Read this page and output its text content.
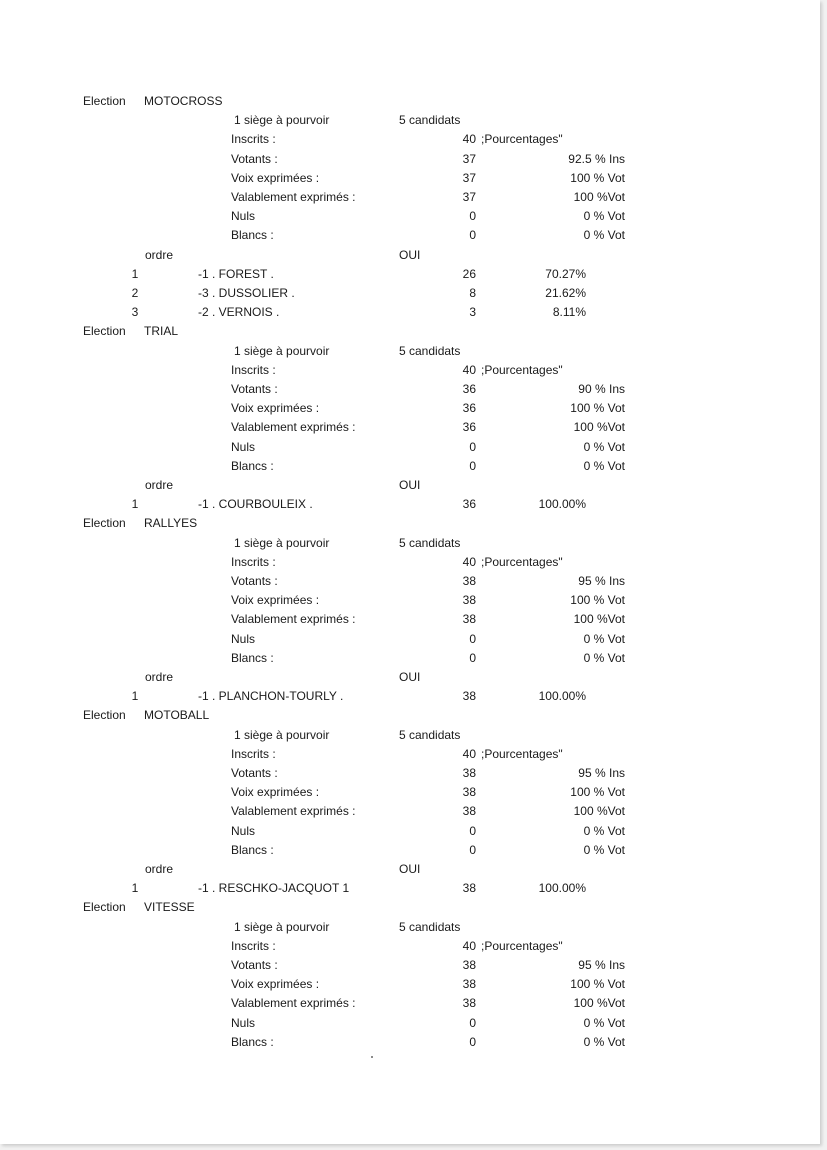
Election MOTOCROSS
1 siège à pourvoir	5 candidats
Inscrits :	40 ;Pourcentages"
Votants :	37	92.5 % Ins
Voix exprimées :	37	100 % Vot
Valablement exprimés :	37	100 %Vot
Nuls	0	0 % Vot
Blancs :	0	0 % Vot
ordre	OUI
1	-1 . FOREST .	26	70.27%
2	-3 . DUSSOLIER .	8	21.62%
3	-2 . VERNOIS .	3	8.11%
Election TRIAL
1 siège à pourvoir	5 candidats
Inscrits :	40 ;Pourcentages"
Votants :	36	90 % Ins
Voix exprimées :	36	100 % Vot
Valablement exprimés :	36	100 %Vot
Nuls	0	0 % Vot
Blancs :	0	0 % Vot
ordre	OUI
1	-1 . COURBOULEIX .	36	100.00%
Election RALLYES
1 siège à pourvoir	5 candidats
Inscrits :	40 ;Pourcentages"
Votants :	38	95 % Ins
Voix exprimées :	38	100 % Vot
Valablement exprimés :	38	100 %Vot
Nuls	0	0 % Vot
Blancs :	0	0 % Vot
ordre	OUI
1	-1 . PLANCHON-TOURLY .	38	100.00%
Election MOTOBALL
1 siège à pourvoir	5 candidats
Inscrits :	40 ;Pourcentages"
Votants :	38	95 % Ins
Voix exprimées :	38	100 % Vot
Valablement exprimés :	38	100 %Vot
Nuls	0	0 % Vot
Blancs :	0	0 % Vot
ordre	OUI
1	-1 . RESCHKO-JACQUOT 1	38	100.00%
Election VITESSE
1 siège à pourvoir	5 candidats
Inscrits :	40 ;Pourcentages"
Votants :	38	95 % Ins
Voix exprimées :	38	100 % Vot
Valablement exprimés :	38	100 %Vot
Nuls	0	0 % Vot
Blancs :	0	0 % Vot
